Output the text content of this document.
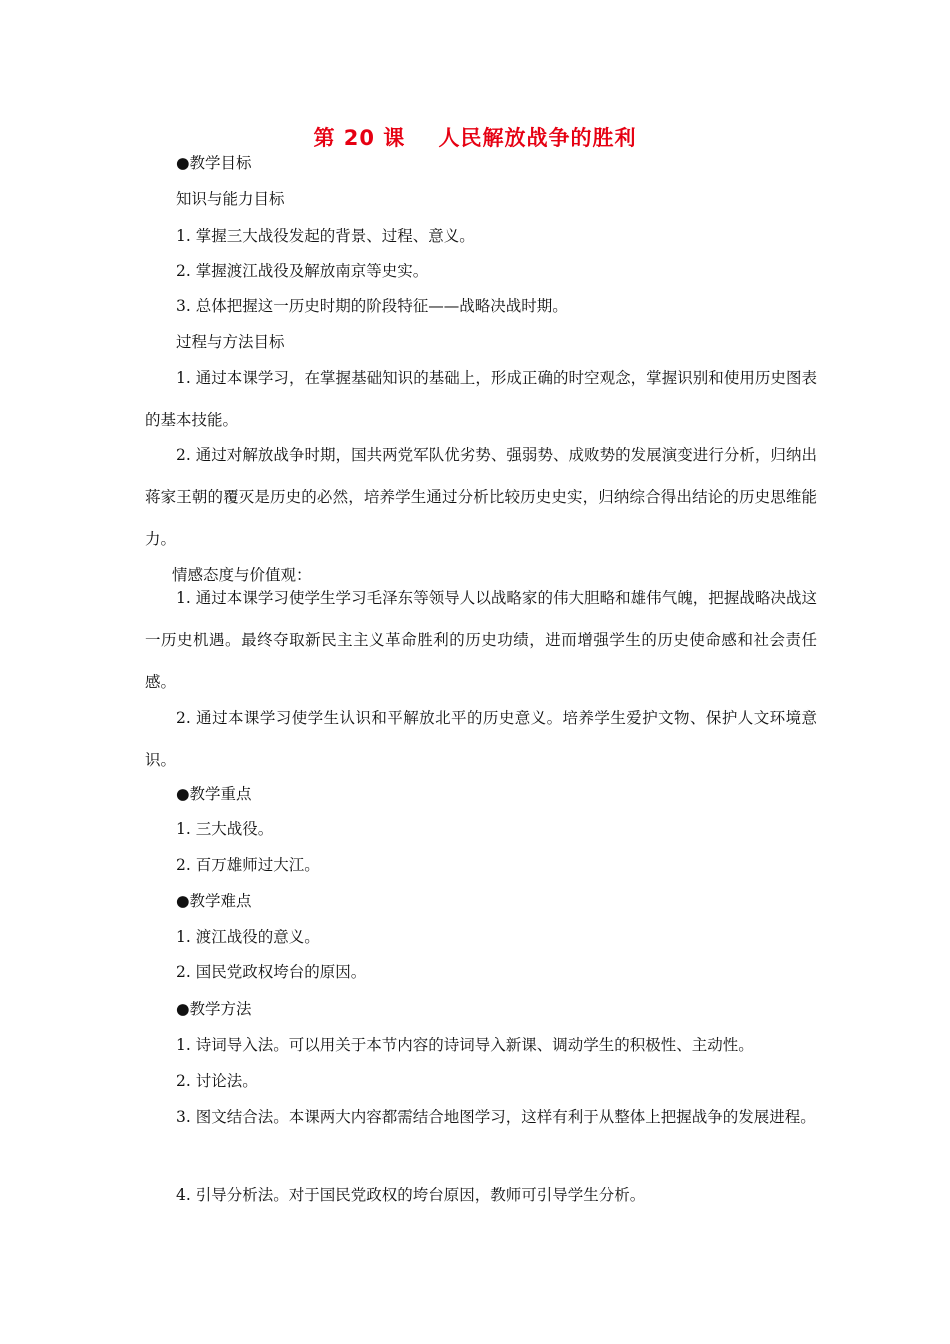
第 20 课    人民解放战争的胜利

●教学目标

知识与能力目标

1. 掌握三大战役发起的背景、过程、意义。

2. 掌握渡江战役及解放南京等史实。

3. 总体把握这一历史时期的阶段特征——战略决战时期。

过程与方法目标

1. 通过本课学习，在掌握基础知识的基础上，形成正确的时空观念，掌握识别和使用历史图表的基本技能。

2. 通过对解放战争时期，国共两党军队优劣势、强弱势、成败势的发展演变进行分析，归纳出蒋家王朝的覆灭是历史的必然，培养学生通过分析比较历史史实，归纳综合得出结论的历史思维能力。

情感态度与价值观：

1. 通过本课学习使学生学习毛泽东等领导人以战略家的伟大胆略和雄伟气魄，把握战略决战这一历史机遇。最终夺取新民主主义革命胜利的历史功绩，进而增强学生的历史使命感和社会责任感。

2. 通过本课学习使学生认识和平解放北平的历史意义。培养学生爱护文物、保护人文环境意识。

●教学重点

1. 三大战役。

2. 百万雄师过大江。

●教学难点

1. 渡江战役的意义。

2. 国民党政权垮台的原因。

●教学方法

1. 诗词导入法。可以用关于本节内容的诗词导入新课、调动学生的积极性、主动性。

2. 讨论法。

3. 图文结合法。本课两大内容都需结合地图学习，这样有利于从整体上把握战争的发展进程。

4. 引导分析法。对于国民党政权的垮台原因，教师可引导学生分析。
